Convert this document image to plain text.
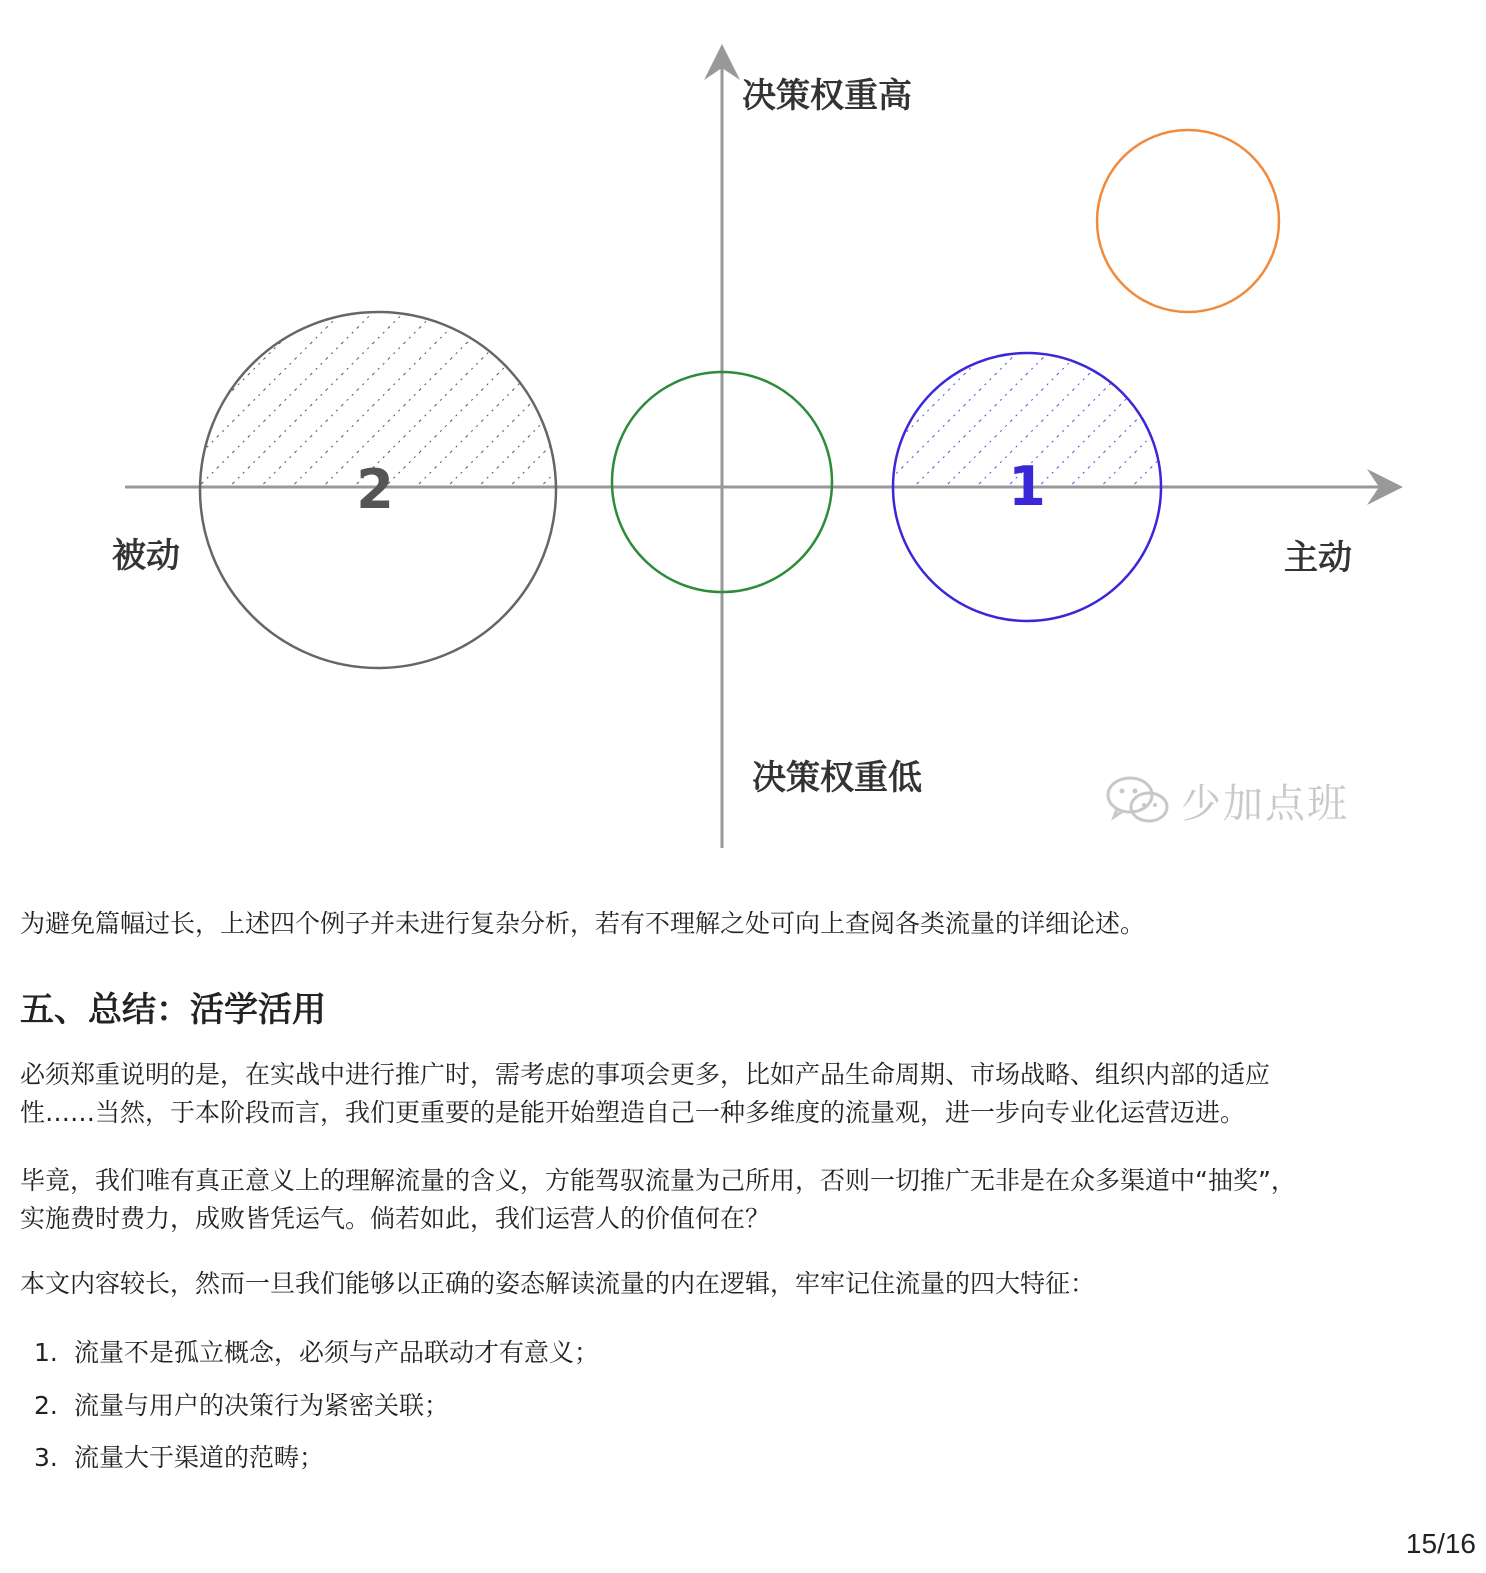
2	1
决策权重高
决策权重低
被动	主动
少加点班
为避免篇幅过长，上述四个例子并未进行复杂分析，若有不理解之处可向上查阅各类流量的详细论述。
五、总结：活学活用
必须郑重说明的是，在实战中进行推广时，需考虑的事项会更多，比如产品生命周期、市场战略、组织内部的适应
性……当然，于本阶段而言，我们更重要的是能开始塑造自己一种多维度的流量观，进一步向专业化运营迈进。
毕竟，我们唯有真正意义上的理解流量的含义，方能驾驭流量为己所用，否则一切推广无非是在众多渠道中“抽奖”，
实施费时费力，成败皆凭运气。倘若如此，我们运营人的价值何在？
本文内容较长，然而一旦我们能够以正确的姿态解读流量的内在逻辑，牢牢记住流量的四大特征：
1. 流量不是孤立概念，必须与产品联动才有意义；
2. 流量与用户的决策行为紧密关联；
3. 流量大于渠道的范畴；
15/16
